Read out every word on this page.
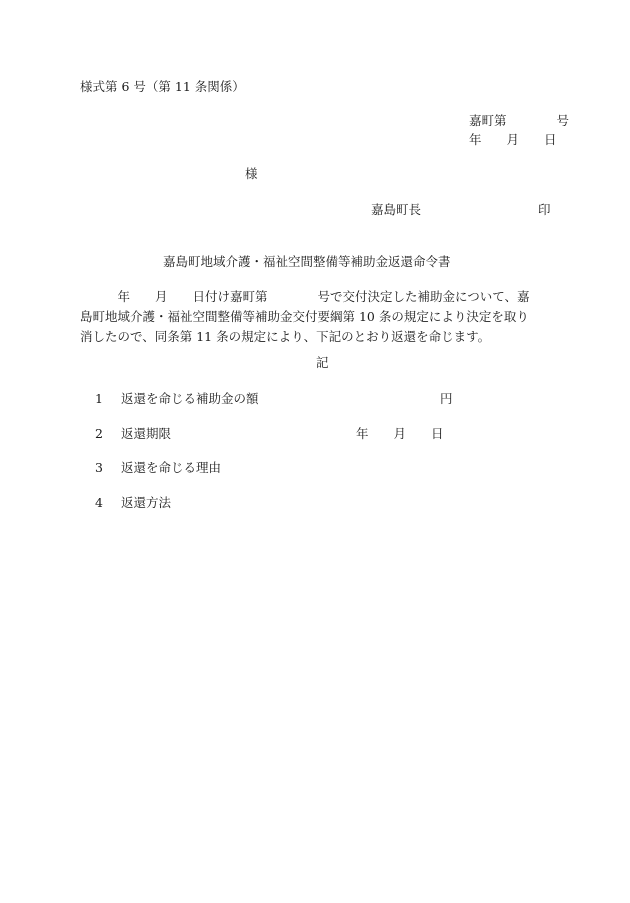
様式第 6 号（第 11 条関係）
嘉町第　　　　号
年　　月　　日
様
嘉島町長	印
嘉島町地域介護・福祉空間整備等補助金返還命令書
　　　年　　月　　日付け嘉町第　　　　号で交付決定した補助金について、嘉
島町地域介護・福祉空間整備等補助金交付要綱第 10 条の規定により決定を取り
消したので、同条第 11 条の規定により、下記のとおり返還を命じます。
記
1 返還を命じる補助金の額	円
2 返還期限	年　　月　　日
3 返還を命じる理由
4 返還方法
